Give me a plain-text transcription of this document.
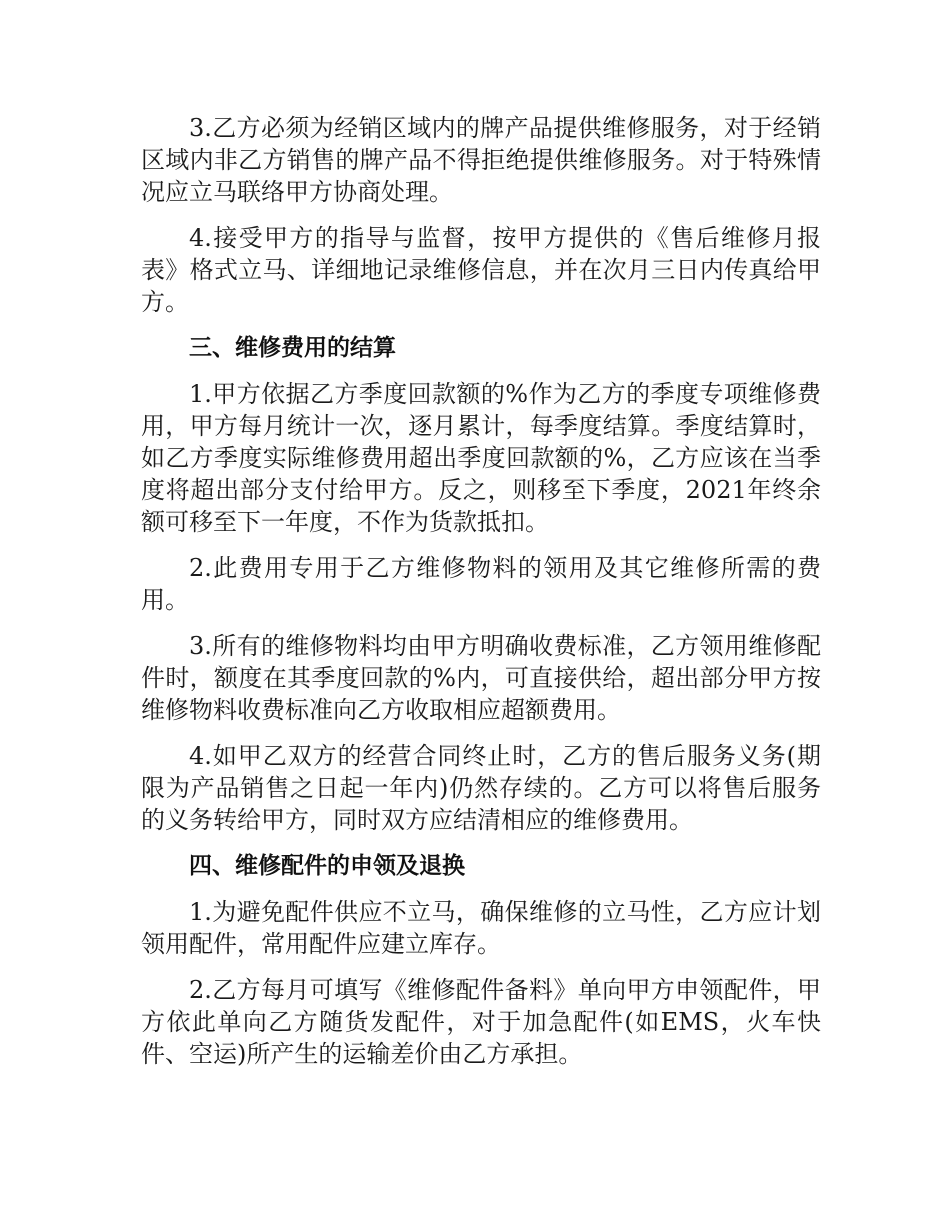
3.乙方必须为经销区域内的牌产品提供维修服务，对于经销区域内非乙方销售的牌产品不得拒绝提供维修服务。对于特殊情况应立马联络甲方协商处理。

4.接受甲方的指导与监督，按甲方提供的《售后维修月报表》格式立马、详细地记录维修信息，并在次月三日内传真给甲方。

三、维修费用的结算

1.甲方依据乙方季度回款额的%作为乙方的季度专项维修费用，甲方每月统计一次，逐月累计，每季度结算。季度结算时，如乙方季度实际维修费用超出季度回款额的%，乙方应该在当季度将超出部分支付给甲方。反之，则移至下季度，2021年终余额可移至下一年度，不作为货款抵扣。

2.此费用专用于乙方维修物料的领用及其它维修所需的费用。

3.所有的维修物料均由甲方明确收费标准，乙方领用维修配件时，额度在其季度回款的%内，可直接供给，超出部分甲方按维修物料收费标准向乙方收取相应超额费用。

4.如甲乙双方的经营合同终止时，乙方的售后服务义务(期限为产品销售之日起一年内)仍然存续的。乙方可以将售后服务的义务转给甲方，同时双方应结清相应的维修费用。

四、维修配件的申领及退换

1.为避免配件供应不立马，确保维修的立马性，乙方应计划领用配件，常用配件应建立库存。

2.乙方每月可填写《维修配件备料》单向甲方申领配件，甲方依此单向乙方随货发配件，对于加急配件(如EMS，火车快件、空运)所产生的运输差价由乙方承担。
